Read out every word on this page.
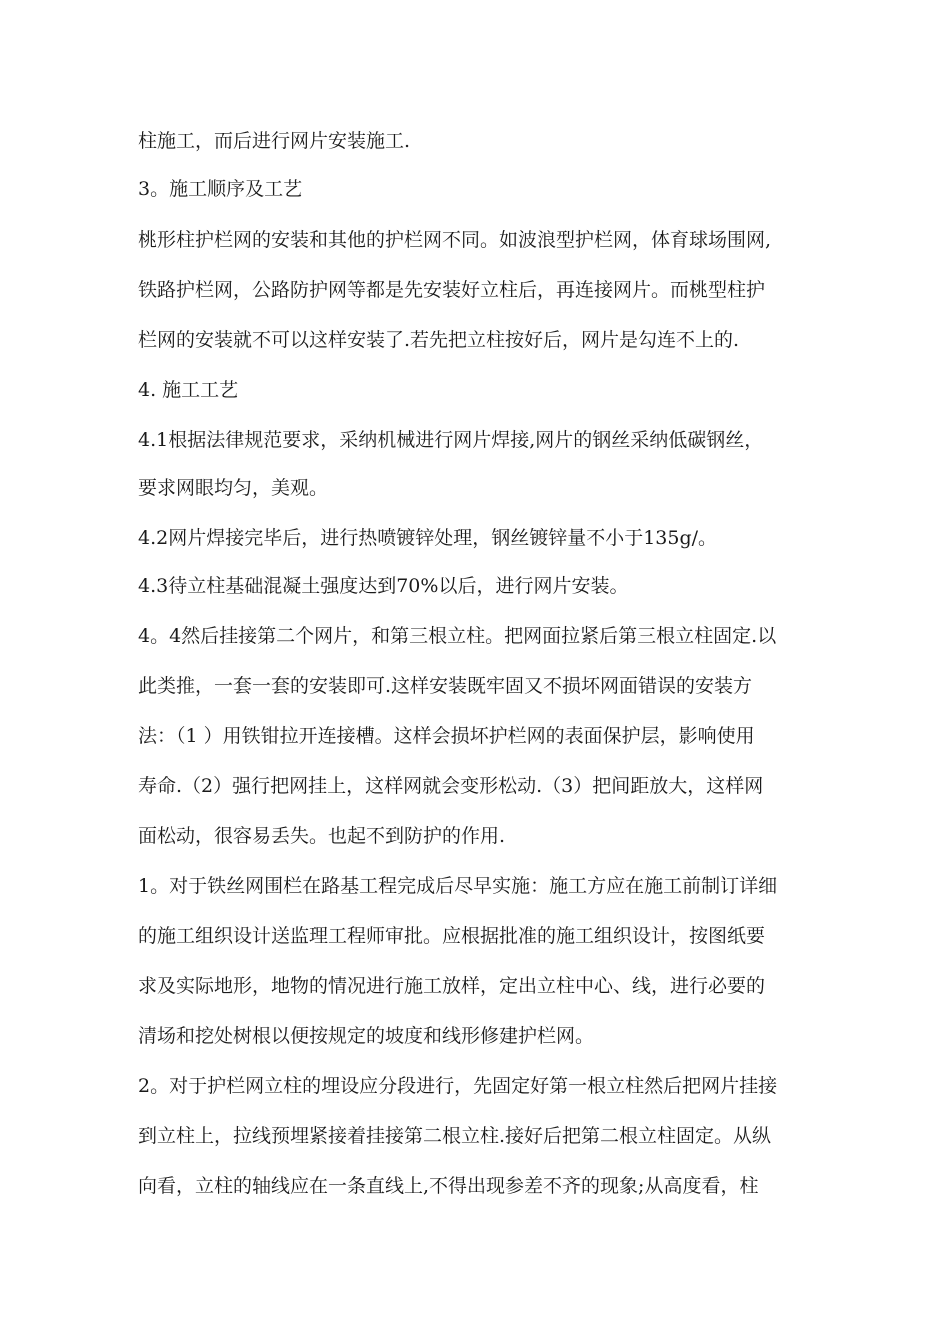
柱施工，而后进行网片安装施工.

3。施工顺序及工艺

桃形柱护栏网的安装和其他的护栏网不同。如波浪型护栏网，体育球场围网,

铁路护栏网，公路防护网等都是先安装好立柱后，再连接网片。而桃型柱护

栏网的安装就不可以这样安装了.若先把立柱按好后，网片是勾连不上的.

4. 施工工艺

4.1根据法律规范要求，采纳机械进行网片焊接,网片的钢丝采纳低碳钢丝，

要求网眼均匀，美观。

4.2网片焊接完毕后，进行热喷镀锌处理，钢丝镀锌量不小于135g/。

4.3待立柱基础混凝土强度达到70%以后，进行网片安装。

4。4然后挂接第二个网片，和第三根立柱。把网面拉紧后第三根立柱固定.以

此类推，一套一套的安装即可.这样安装既牢固又不损坏网面错误的安装方

法：（1 ）用铁钳拉开连接槽。这样会损坏护栏网的表面保护层，影响使用

寿命.（2）强行把网挂上，这样网就会变形松动.（3）把间距放大，这样网

面松动，很容易丢失。也起不到防护的作用.

1。对于铁丝网围栏在路基工程完成后尽早实施：施工方应在施工前制订详细

的施工组织设计送监理工程师审批。应根据批准的施工组织设计，按图纸要

求及实际地形，地物的情况进行施工放样，定出立柱中心、线，进行必要的

清场和挖处树根以便按规定的坡度和线形修建护栏网。

2。对于护栏网立柱的埋设应分段进行，先固定好第一根立柱然后把网片挂接

到立柱上，拉线预埋紧接着挂接第二根立柱.接好后把第二根立柱固定。从纵

向看，立柱的轴线应在一条直线上,不得出现参差不齐的现象;从高度看，柱
